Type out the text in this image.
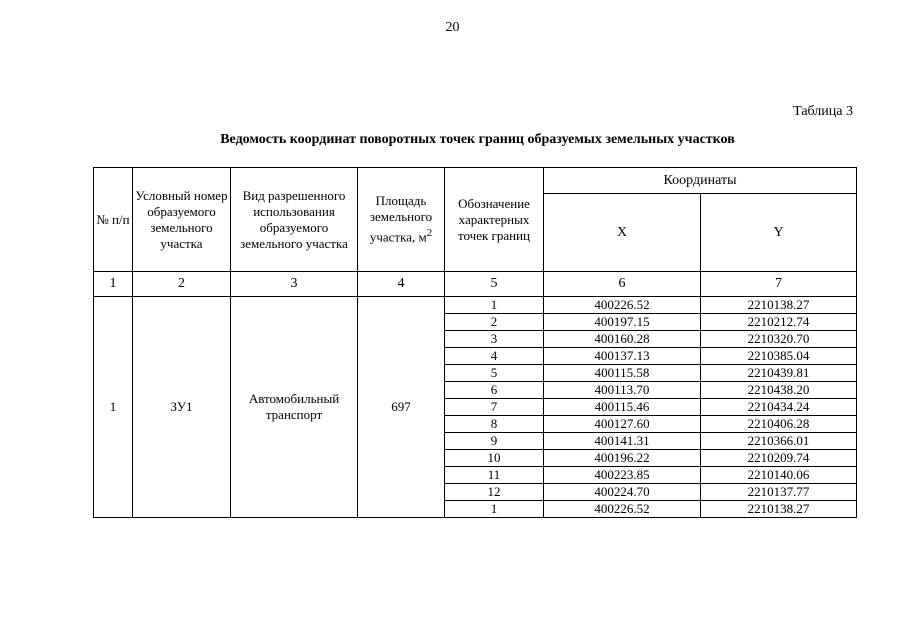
20
Таблица 3
Ведомость координат поворотных точек границ образуемых земельных участков
№ п/п	Условный номер образуемого земельного участка	Вид разрешенного использования образуемого земельного участка	Площадь земельного участка, $м^2$	Обозначение характерных точек границ	Координаты	
					X	Y
1	2	3	4	5	6	7
1	ЗУ1	Автомобильный транспорт	697	1	400226.52	2210138.27
				2	400197.15	2210212.74
				3	400160.28	2210320.70
				4	400137.13	2210385.04
				5	400115.58	2210439.81
				6	400113.70	2210438.20
				7	400115.46	2210434.24
				8	400127.60	2210406.28
				9	400141.31	2210366.01
				10	400196.22	2210209.74
				11	400223.85	2210140.06
				12	400224.70	2210137.77
				1	400226.52	2210138.27
